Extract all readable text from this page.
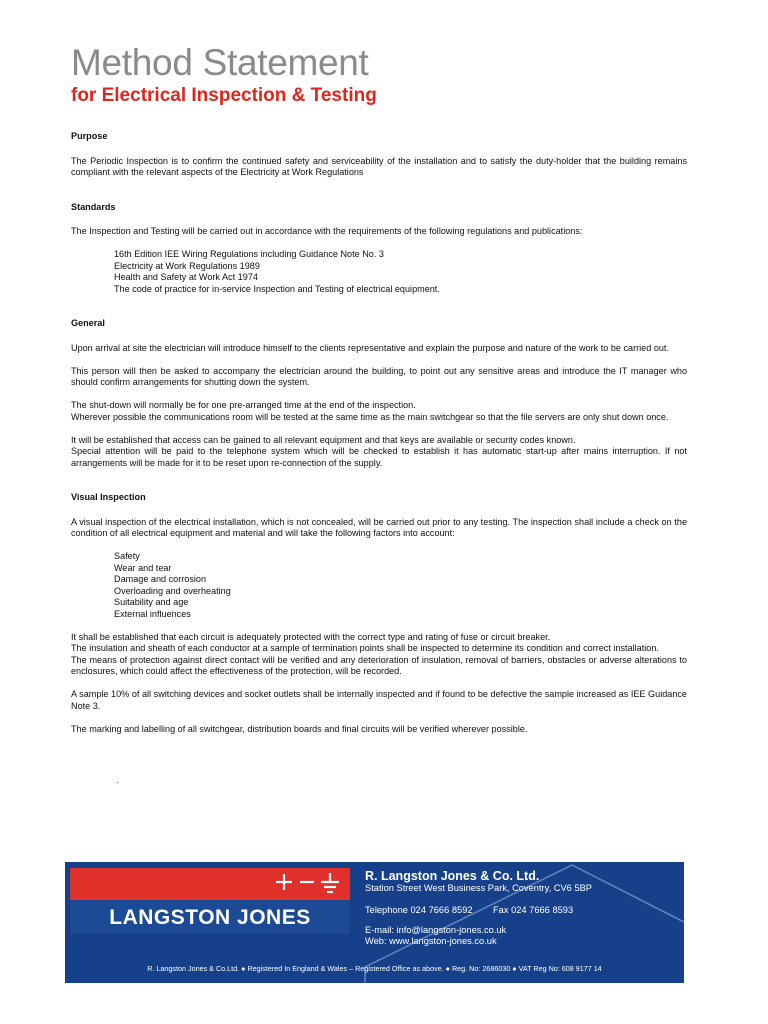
Method Statement
for Electrical Inspection & Testing
Purpose

The Periodic Inspection is to confirm the continued safety and serviceability of the installation and to satisfy the duty-holder that the building remains compliant with the relevant aspects of the Electricity at Work Regulations

Standards

The Inspection and Testing will be carried out in accordance with the requirements of the following regulations and publications:

16th Edition IEE Wiring Regulations including Guidance Note No. 3
Electricity at Work Regulations 1989
Health and Safety at Work Act 1974
The code of practice for in-service Inspection and Testing of electrical equipment.
General

Upon arrival at site the electrician will introduce himself to the clients representative and explain the purpose and nature of the work to be carried out.

This person will then be asked to accompany the electrician around the building, to point out any sensitive areas and introduce the IT manager who should confirm arrangements for shutting down the system.

The shut-down will normally be for one pre-arranged time at the end of the inspection.
Wherever possible the communications room will be tested at the same time as the main switchgear so that the file servers are only shut down once.

It will be established that access can be gained to all relevant equipment and that keys are available or security codes known.
Special attention will be paid to the telephone system which will be checked to establish it has automatic start-up after mains interruption. If not arrangements will be made for it to be reset upon re-connection of the supply.

Visual Inspection

A visual inspection of the electrical installation, which is not concealed, will be carried out prior to any testing. The inspection shall include a check on the condition of all electrical equipment and material and will take the following factors into account:

Safety
Wear and tear
Damage and corrosion
Overloading and overheating
Suitability and age
External influences

It shall be established that each circuit is adequately protected with the correct type and rating of fuse or circuit breaker.
The insulation and sheath of each conductor at a sample of termination points shall be inspected to determine its condition and correct installation.
The means of protection against direct contact will be verified and any deterioration of insulation, removal of barriers, obstacles or adverse alterations to enclosures, which could affect the effectiveness of the protection, will be recorded.

A sample 10% of all switching devices and socket outlets shall be internally inspected and if found to be defective the sample increased as IEE Guidance Note 3.

The marking and labelling of all switchgear, distribution boards and final circuits will be verified wherever possible.

.
LANGSTON JONES
R. Langston Jones & Co. Ltd.
Station Street West Business Park, Coventry, CV6 5BP
Telephone 024 7666 8592 Fax 024 7666 8593
E-mail: info@langston-jones.co.uk
Web: www.langston-jones.co.uk
R. Langston Jones & Co.Ltd. ● Registered In England & Wales – Registered Office as above. ● Reg. No: 2686030 ● VAT Reg No: 608 9177 14
